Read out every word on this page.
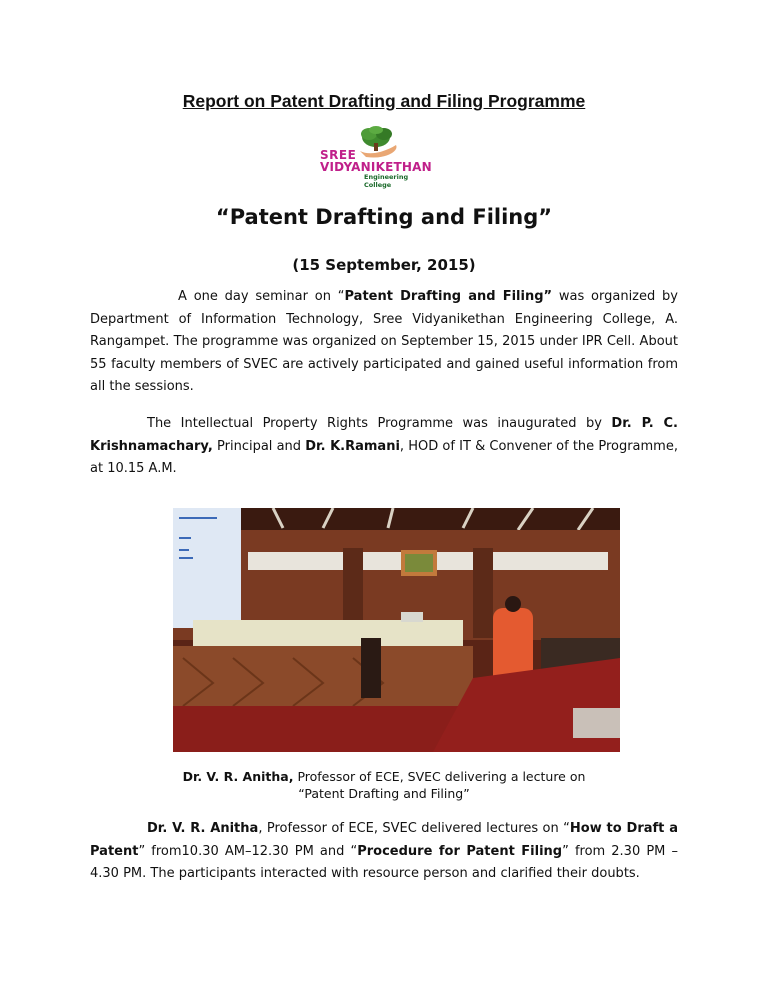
Report on Patent Drafting and Filing Programme
SREE
VIDYANIKETHAN
Engineering College
“Patent Drafting and Filing”
(15 September, 2015)
A one day seminar on “Patent Drafting and Filing” was organized by Department of Information Technology, Sree Vidyanikethan Engineering College, A. Rangampet. The programme was organized on September 15, 2015 under IPR Cell. About 55 faculty members of SVEC are actively participated and gained useful information from all the sessions.
The Intellectual Property Rights Programme was inaugurated by Dr. P. C. Krishnamachary, Principal and Dr. K.Ramani, HOD of IT & Convener of the Programme, at 10.15 A.M.
Dr. V. R. Anitha, Professor of ECE, SVEC delivering a lecture on
“Patent Drafting and Filing”
Dr. V. R. Anitha, Professor of ECE, SVEC delivered lectures on “How to Draft a Patent” from10.30 AM–12.30 PM and “Procedure for Patent Filing” from 2.30 PM – 4.30 PM. The participants interacted with resource person and clarified their doubts.
